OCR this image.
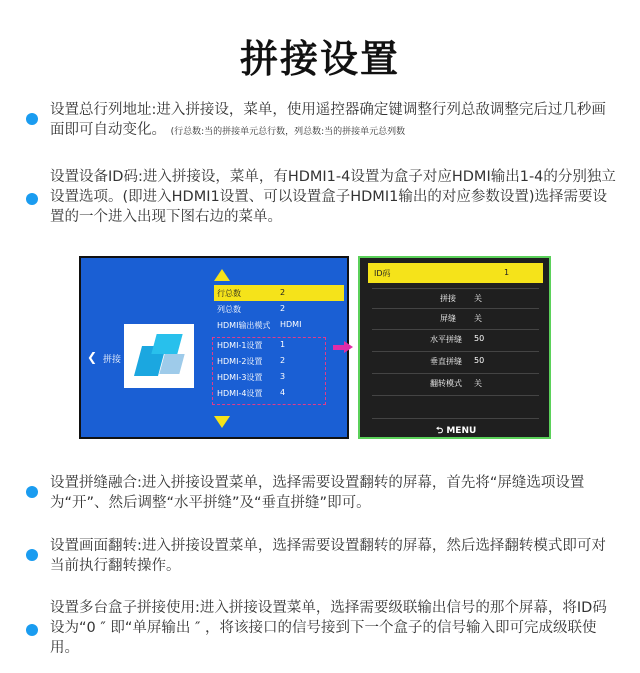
拼接设置
设置总行列地址:进入拼接设，菜单，使用遥控器确定键调整行列总敌调整完后过几秒画面即可自动变化。 (行总数:当的拼接单元总行数，列总数:当的拼接单元总列数
设置设备ID码:进入拼接设，菜单，有HDMI1-4设置为盒子对应HDMI输出1-4的分别独立设置选项。(即进入HDMI1设置、可以设置盒子HDMI1输出的对应参数设置)选择需要设置的一个进入出现下图右边的菜单。
❮ 拼接
行总数	2
列总数	2
HDMI输出模式 HDMI
HDMI-1设置 1
HDMI-2设置 2
HDMI-3设置 3
HDMI-4设置 4
ID码	1
拼接 关
屏缝 关
水平拼缝 50
垂直拼缝 50
翻转模式 关
⮌ MENU
设置拼缝融合:进入拼接设置菜单，选择需要设置翻转的屏幕，首先将“屏缝选项设置为“开”、然后调整“水平拼缝”及“垂直拼缝”即可。
设置画面翻转:进入拼接设置菜单，选择需要设置翻转的屏幕，然后选择翻转模式即可对当前执行翻转操作。
设置多台盒子拼接使用:进入拼接设置菜单，选择需要级联输出信号的那个屏幕，将ID码设为“0 ″ 即“单屏输出 ″ ，将该接口的信号接到下一个盒子的信号输入即可完成级联使用。
